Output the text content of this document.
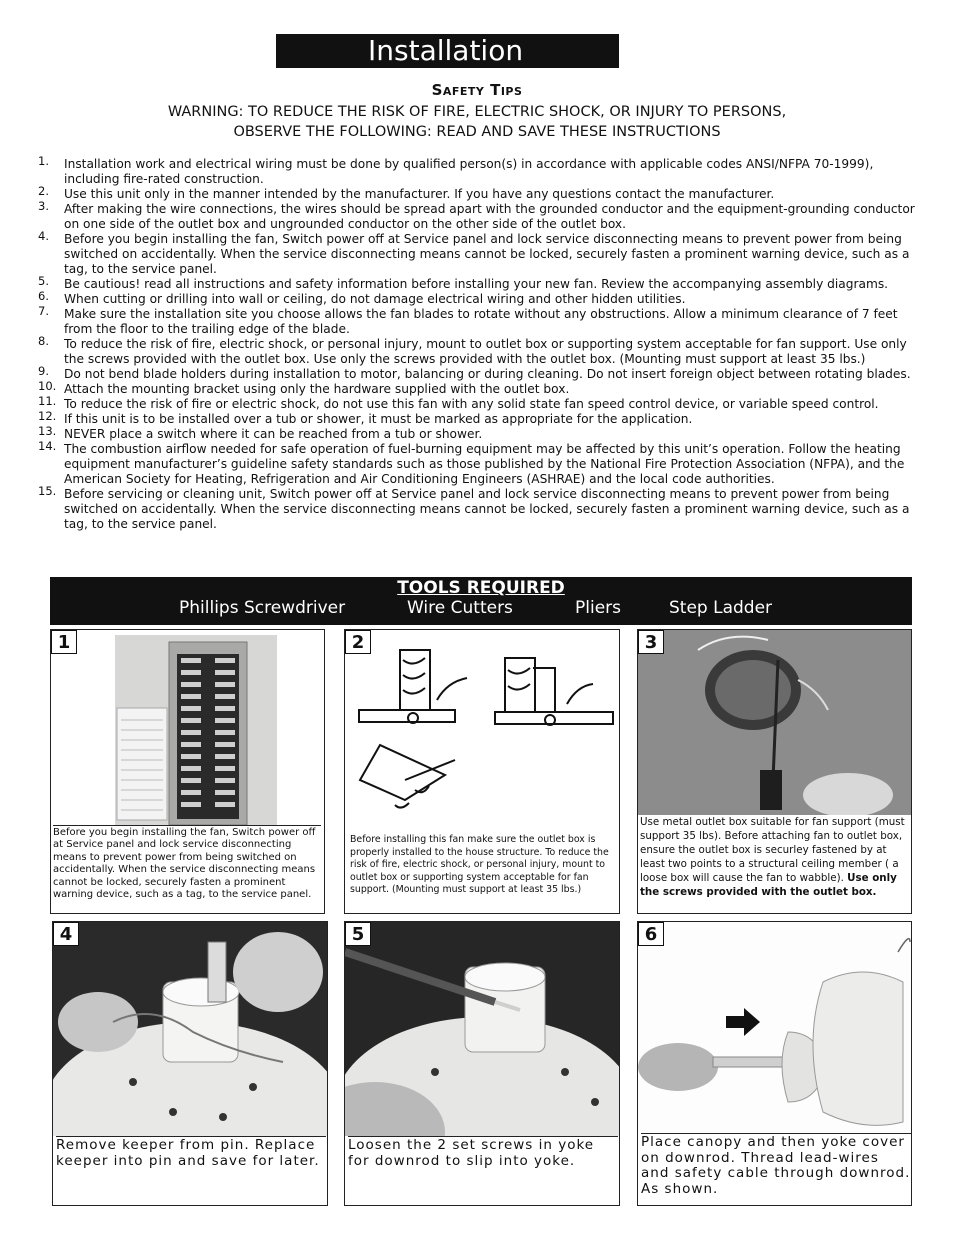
Installation
Safety Tips
WARNING: TO REDUCE THE RISK OF FIRE, ELECTRIC SHOCK, OR INJURY TO PERSONS,
OBSERVE THE FOLLOWING: READ AND SAVE THESE INSTRUCTIONS
1. Installation work and electrical wiring must be done by qualified person(s) in accordance with applicable codes ANSI/NFPA 70-1999), including fire-rated construction.
2. Use this unit only in the manner intended by the manufacturer. If you have any questions contact the manufacturer.
3. After making the wire connections, the wires should be spread apart with the grounded conductor and the equipment-grounding conductor on one side of the outlet box and ungrounded conductor on the other side of the outlet box.
4. Before you begin installing the fan, Switch power off at Service panel and lock service disconnecting means to prevent power from being switched on accidentally. When the service disconnecting means cannot be locked, securely fasten a prominent warning device, such as a tag, to the service panel.
5. Be cautious! read all instructions and safety information before installing your new fan. Review the accompanying assembly diagrams.
6. When cutting or drilling into wall or ceiling, do not damage electrical wiring and other hidden utilities.
7. Make sure the installation site you choose allows the fan blades to rotate without any obstructions. Allow a minimum clearance of 7 feet from the floor to the trailing edge of the blade.
8. To reduce the risk of fire, electric shock, or personal injury, mount to outlet box or supporting system acceptable for fan support. Use only the screws provided with the outlet box. Use only the screws provided with the outlet box. (Mounting must support at least 35 lbs.)
9. Do not bend blade holders during installation to motor, balancing or during cleaning. Do not insert foreign object between rotating blades.
10. Attach the mounting bracket using only the hardware supplied with the outlet box.
11. To reduce the risk of fire or electric shock, do not use this fan with any solid state fan speed control device, or variable speed control.
12. If this unit is to be installed over a tub or shower, it must be marked as appropriate for the application.
13. NEVER place a switch where it can be reached from a tub or shower.
14. The combustion airflow needed for safe operation of fuel-burning equipment may be affected by this unit’s operation. Follow the heating equipment manufacturer’s guideline safety standards such as those published by the National Fire Protection Association (NFPA), and the American Society for Heating, Refrigeration and Air Conditioning Engineers (ASHRAE) and the local code authorities.
15. Before servicing or cleaning unit, Switch power off at Service panel and lock service disconnecting means to prevent power from being switched on accidentally. When the service disconnecting means cannot be locked, securely fasten a prominent warning device, such as a tag, to the service panel.
TOOLS REQUIRED
Phillips Screwdriver	Wire Cutters	Pliers	Step Ladder
1
Before you begin installing the fan, Switch power off at Service panel and lock service disconnecting means to prevent power from being switched on accidentally. When the service disconnecting means cannot be locked, securely fasten a prominent warning device, such as a tag, to the service panel.
2
Before installing this fan make sure the outlet box is properly installed to the house structure. To reduce the risk of fire, electric shock, or personal injury, mount to outlet box or supporting system acceptable for fan support. (Mounting must support at least 35 lbs.)
3
Use metal outlet box suitable for fan support (must support 35 lbs). Before attaching fan to outlet box, ensure the outlet box is securley fastened by at least two points to a structural ceiling member ( a loose box will cause the fan to wabble). Use only the screws provided with the outlet box.
4
Remove keeper from pin. Replace keeper into pin and save for later.
5
Loosen the 2 set screws in yoke for downrod to slip into yoke.
6
Place canopy and then yoke cover on downrod. Thread lead-wires and safety cable through downrod. As shown.
